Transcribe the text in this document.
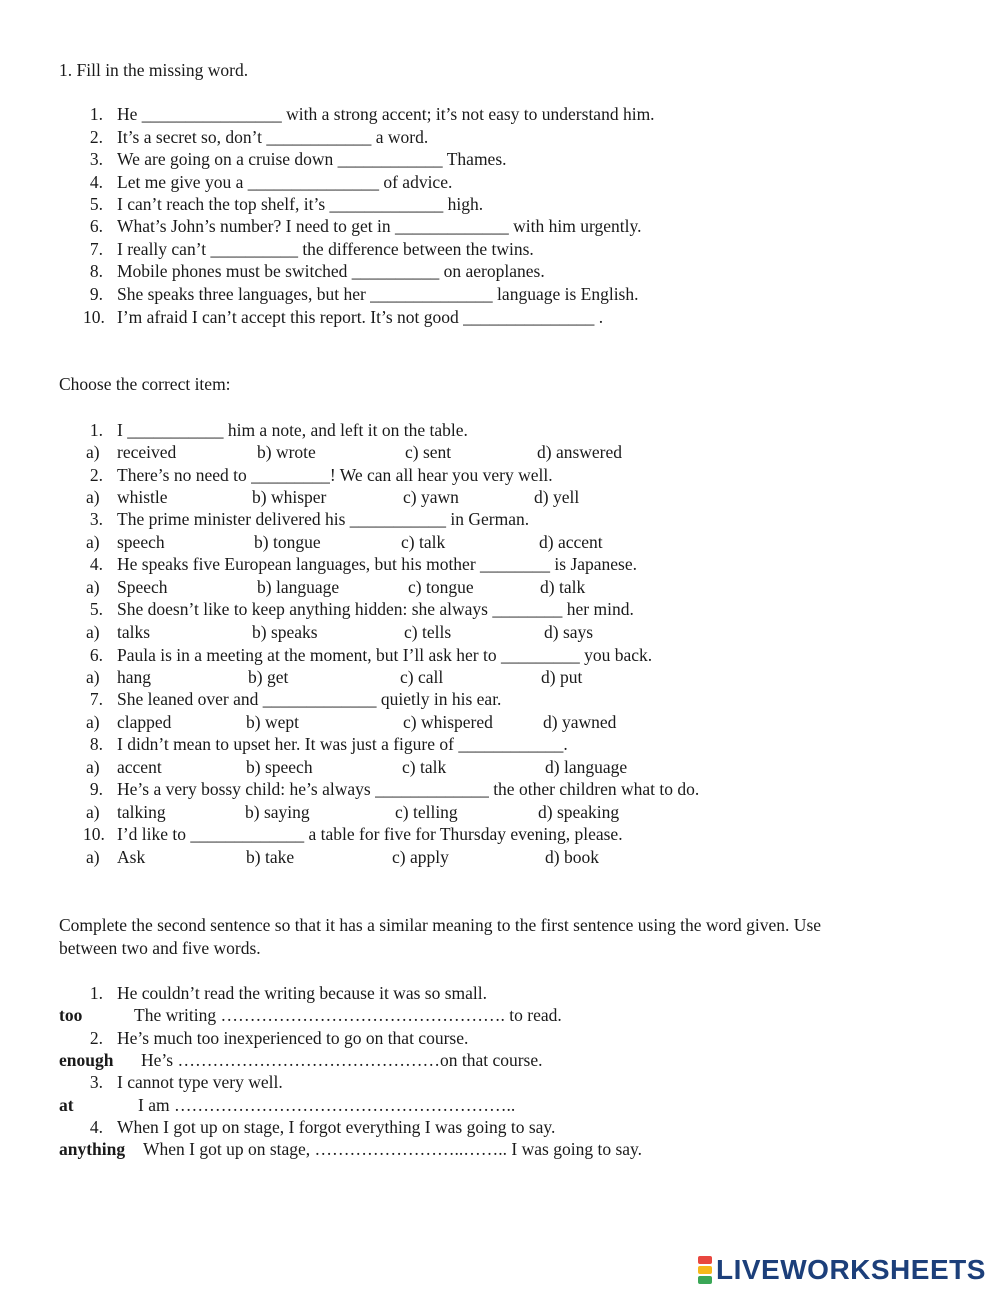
1. Fill in the missing word.
1. He ________________ with a strong accent; it’s not easy to understand him.
2. It’s a secret so, don’t ____________ a word.
3. We are going on a cruise down ____________ Thames.
4. Let me give you a _______________ of advice.
5. I can’t reach the top shelf, it’s _____________ high.
6. What’s John’s number? I need to get in _____________ with him urgently.
7. I really can’t __________ the difference between the twins.
8. Mobile phones must be switched __________ on aeroplanes.
9. She speaks three languages, but her ______________ language is English.
10. I’m afraid I can’t accept this report. It’s not good _______________ .
Choose the correct item:
1. I ___________ him a note, and left it on the table.
a) received	b) wrote	c) sent	d) answered
2. There’s no need to _________! We can all hear you very well.
a) whistle	b) whisper	c) yawn	d) yell
3. The prime minister delivered his ___________ in German.
a) speech	b) tongue	c) talk	d) accent
4. He speaks five European languages, but his mother ________ is Japanese.
a) Speech	b) language	c) tongue	d) talk
5. She doesn’t like to keep anything hidden: she always ________ her mind.
a) talks	b) speaks	c) tells	d) says
6. Paula is in a meeting at the moment, but I’ll ask her to _________ you back.
a) hang	b) get	c) call	d) put
7. She leaned over and _____________ quietly in his ear.
a) clapped	b) wept	c) whispered	d) yawned
8. I didn’t mean to upset her. It was just a figure of ____________.
a) accent	b) speech	c) talk	d) language
9. He’s a very bossy child: he’s always _____________ the other children what to do.
a) talking	b) saying	c) telling	d) speaking
10. I’d like to _____________ a table for five for Thursday evening, please.
a) Ask	b) take	c) apply	d) book
Complete the second sentence so that it has a similar meaning to the first sentence using the word given. Use
between two and five words.
1. He couldn’t read the writing because it was so small.
too	The writing …………………………………………. to read.
2. He’s much too inexperienced to go on that course.
enough He’s ………………………………………on that course.
3. I cannot type very well.
at	I am …………………………………………………..
4. When I got up on stage, I forgot everything I was going to say.
anything When I got up on stage, ……………………..…….. I was going to say.
LIVEWORKSHEETS
